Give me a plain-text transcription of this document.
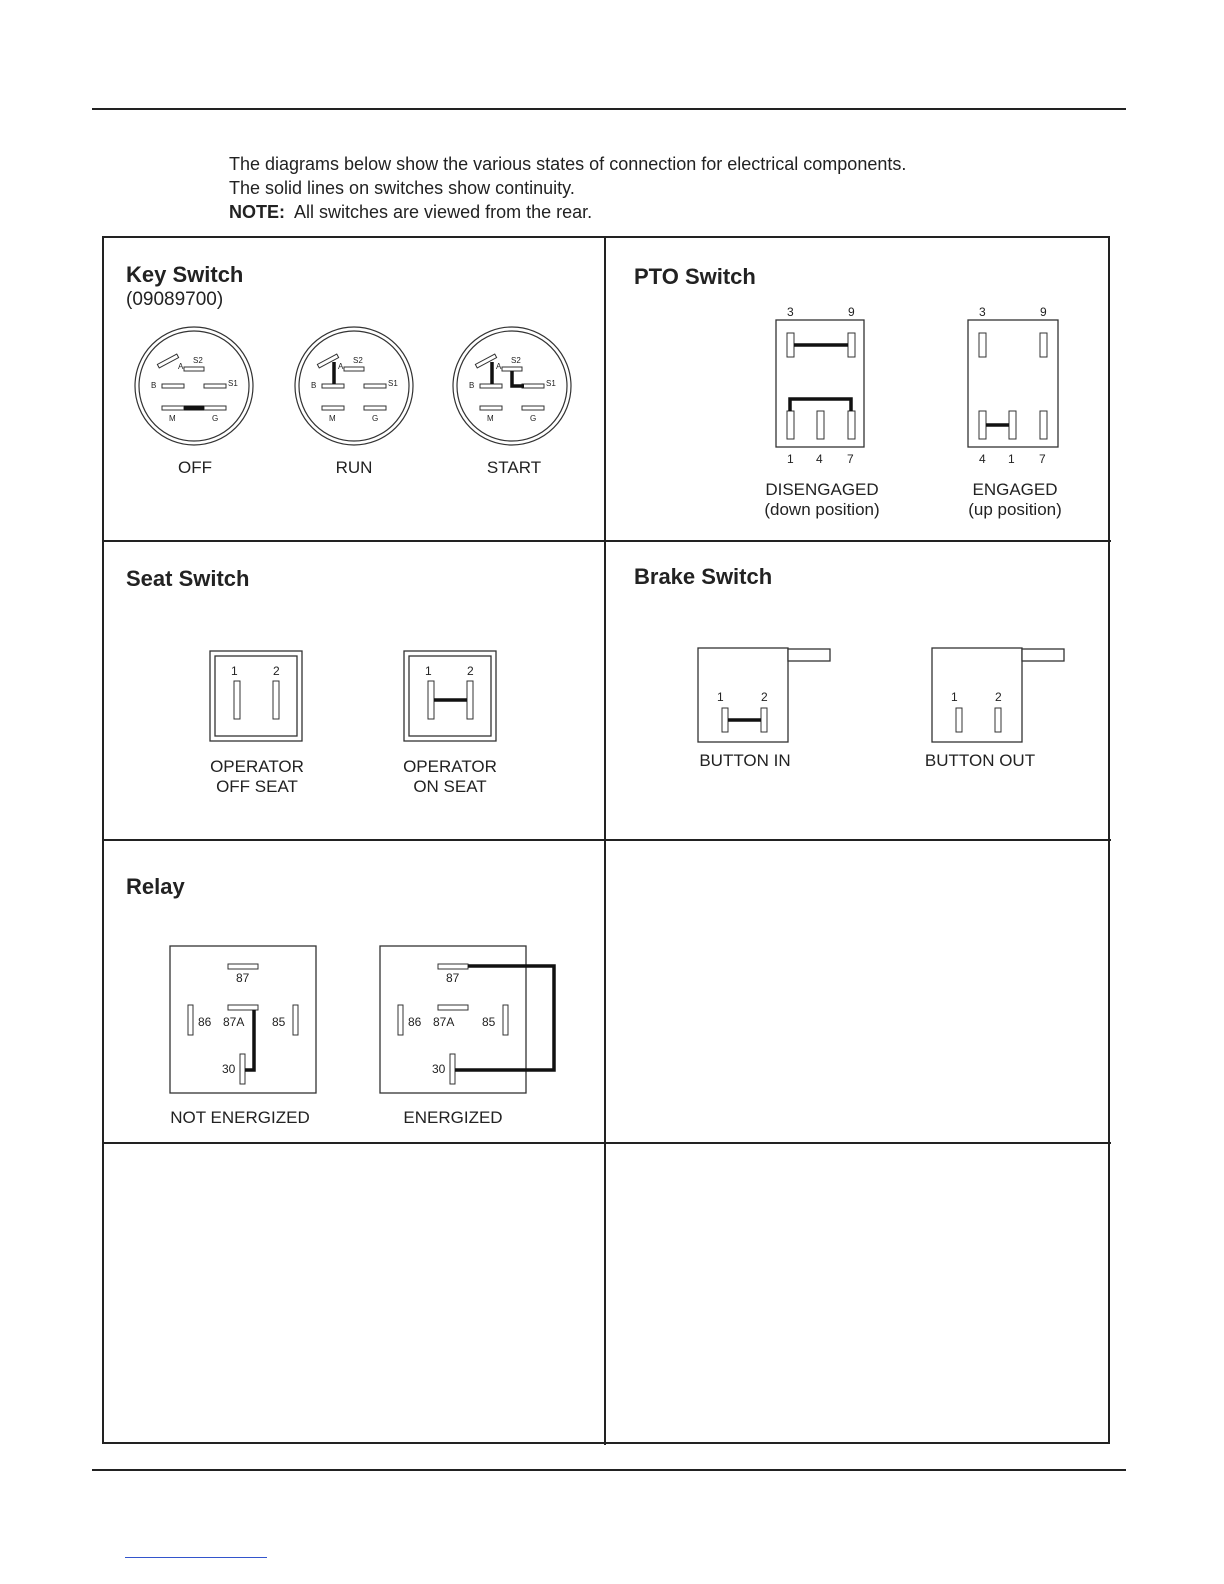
The diagrams below show the various states of connection for electrical components.
The solid lines on switches show continuity.
NOTE: All switches are viewed from the rear.
Key Switch
(09089700)
A
S2
B	S1
M	G
A
S2
B	S1
M	G
A
S2
B	S1
M	G
OFF	RUN	START
PTO Switch
3	9
1 4 7
3	9
4 1 7
DISENGAGED
(down position)
ENGAGED
(up position)
Seat Switch
1	2	1	2
OPERATOR
OFF SEAT
OPERATOR
ON SEAT
Brake Switch
1	2	1	2
BUTTON IN	BUTTON OUT
Relay
87
86 87A 85
30
87
86 87A 85
30
NOT ENERGIZED	ENERGIZED
